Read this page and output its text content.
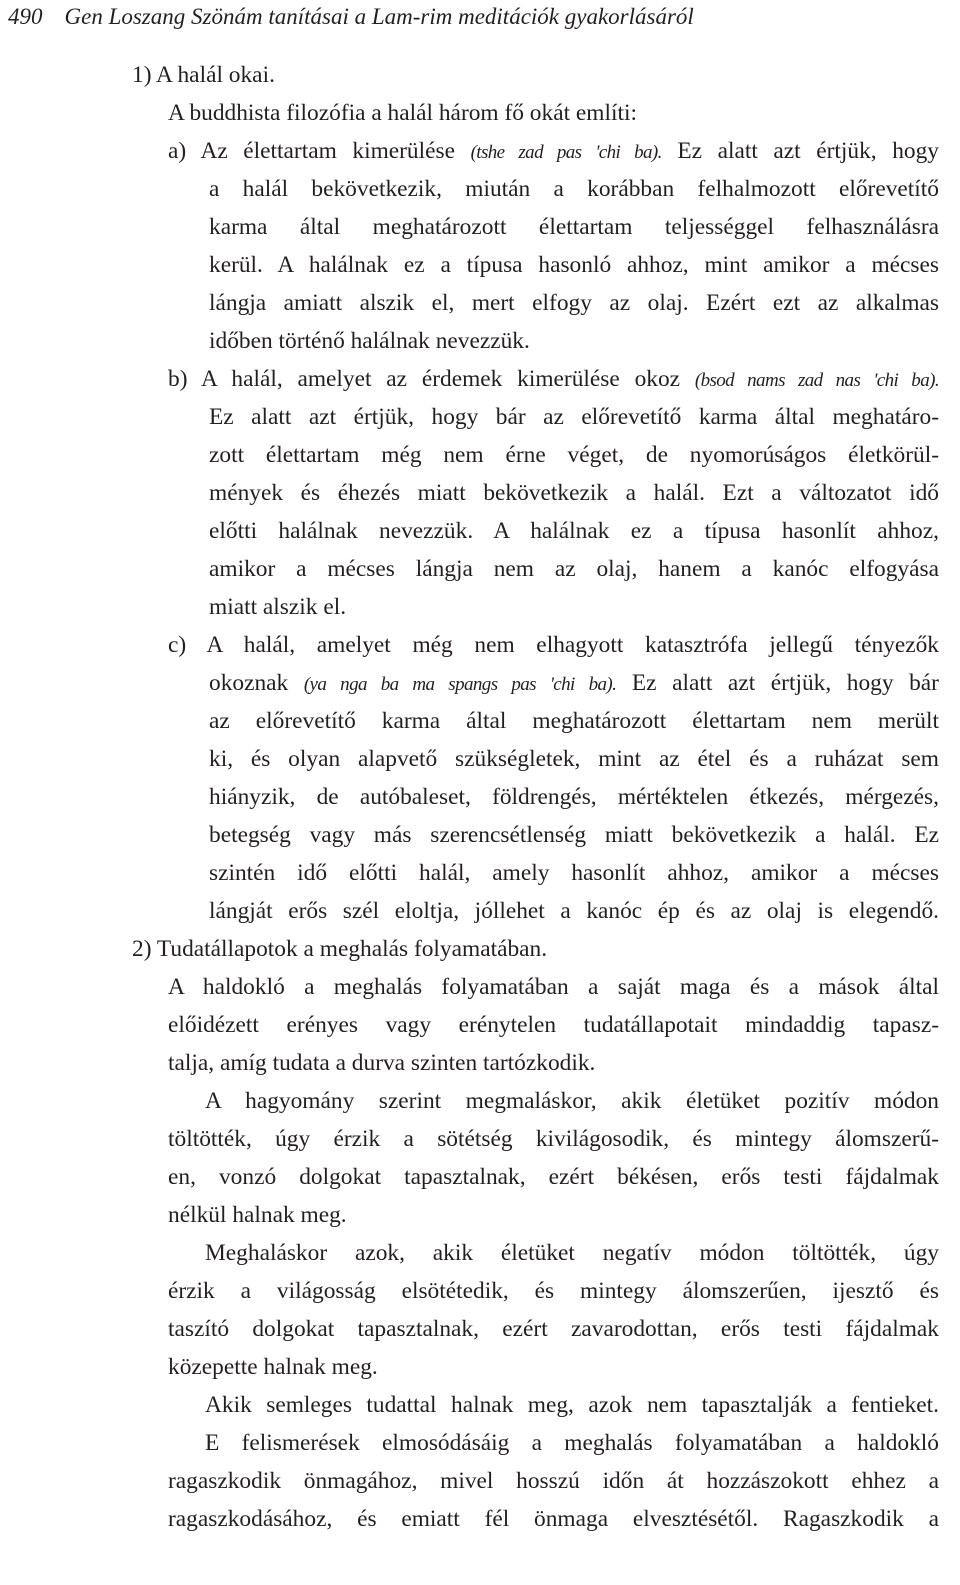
490 Gen Loszang Szönám tanításai a Lam-rim meditációk gyakorlásáról
1) A halál okai.
A buddhista filozófia a halál három fő okát említi:
a) Az élettartam kimerülése (tshe zad pas 'chi ba). Ez alatt azt értjük, hogy
a halál bekövetkezik, miután a korábban felhalmozott előrevetítő
karma által meghatározott élettartam teljességgel felhasználásra
kerül. A halálnak ez a típusa hasonló ahhoz, mint amikor a mécses
lángja amiatt alszik el, mert elfogy az olaj. Ezért ezt az alkalmas
időben történő halálnak nevezzük.
b) A halál, amelyet az érdemek kimerülése okoz (bsod nams zad nas 'chi ba).
Ez alatt azt értjük, hogy bár az előrevetítő karma által meghatáro-
zott élettartam még nem érne véget, de nyomorúságos életkörül-
mények és éhezés miatt bekövetkezik a halál. Ezt a változatot idő
előtti halálnak nevezzük. A halálnak ez a típusa hasonlít ahhoz,
amikor a mécses lángja nem az olaj, hanem a kanóc elfogyása
miatt alszik el.
c) A halál, amelyet még nem elhagyott katasztrófa jellegű tényezők
okoznak (ya nga ba ma spangs pas 'chi ba). Ez alatt azt értjük, hogy bár
az előrevetítő karma által meghatározott élettartam nem merült
ki, és olyan alapvető szükségletek, mint az étel és a ruházat sem
hiányzik, de autóbaleset, földrengés, mértéktelen étkezés, mérgezés,
betegség vagy más szerencsétlenség miatt bekövetkezik a halál. Ez
szintén idő előtti halál, amely hasonlít ahhoz, amikor a mécses
lángját erős szél eloltja, jóllehet a kanóc ép és az olaj is elegendő.
2) Tudatállapotok a meghalás folyamatában.
A haldokló a meghalás folyamatában a saját maga és a mások által
előidézett erényes vagy erénytelen tudatállapotait mindaddig tapasz-
talja, amíg tudata a durva szinten tartózkodik.
A hagyomány szerint megmaláskor, akik életüket pozitív módon
töltötték, úgy érzik a sötétség kivilágosodik, és mintegy álomszerű-
en, vonzó dolgokat tapasztalnak, ezért békésen, erős testi fájdalmak
nélkül halnak meg.
Meghaláskor azok, akik életüket negatív módon töltötték, úgy
érzik a világosság elsötétedik, és mintegy álomszerűen, ijesztő és
taszító dolgokat tapasztalnak, ezért zavarodottan, erős testi fájdalmak
közepette halnak meg.
Akik semleges tudattal halnak meg, azok nem tapasztalják a fentieket.
E felismerések elmosódásáig a meghalás folyamatában a haldokló
ragaszkodik önmagához, mivel hosszú időn át hozzászokott ehhez a
ragaszkodásához, és emiatt fél önmaga elvesztésétől. Ragaszkodik a
